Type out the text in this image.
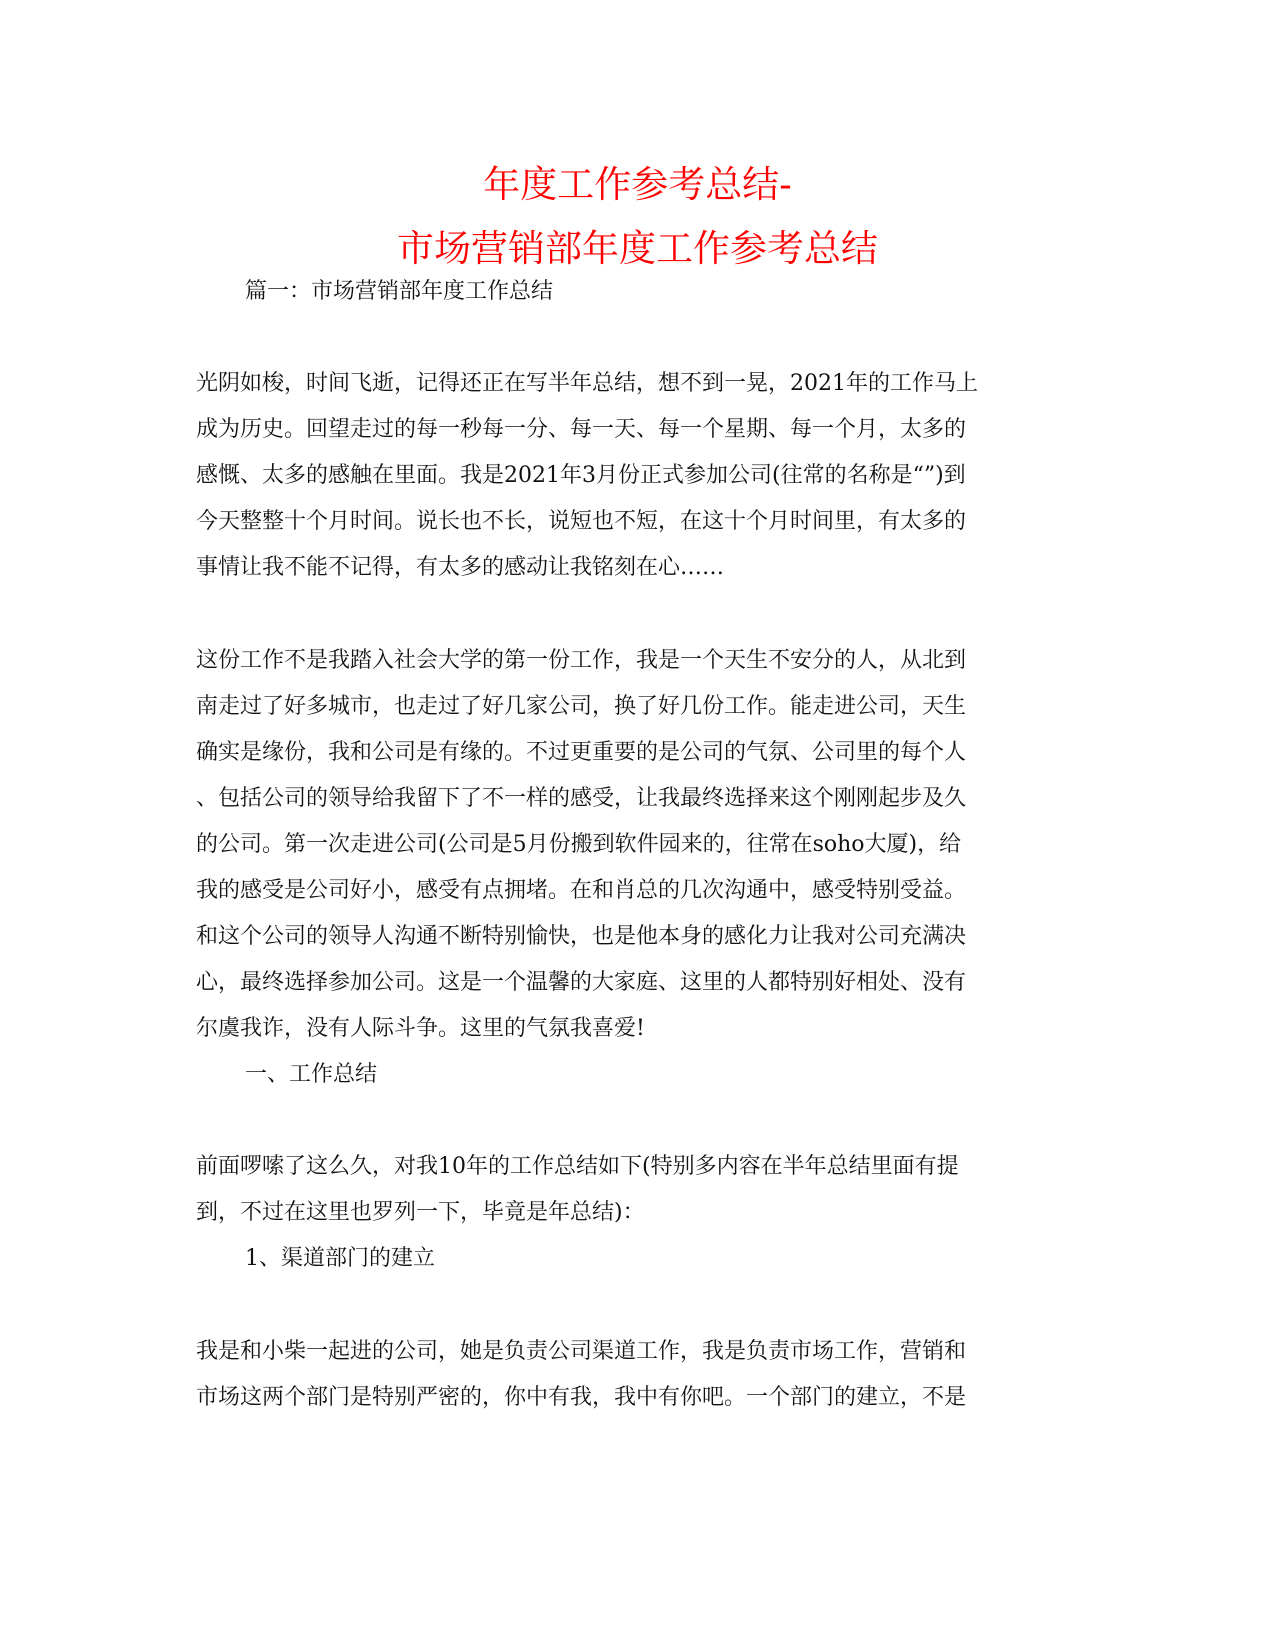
年度工作参考总结-
市场营销部年度工作参考总结

篇一：市场营销部年度工作总结

光阴如梭，时间飞逝，记得还正在写半年总结，想不到一晃，2021年的工作马上

成为历史。回望走过的每一秒每一分、每一天、每一个星期、每一个月，太多的

感慨、太多的感触在里面。我是2021年3月份正式参加公司(往常的名称是“”)到

今天整整十个月时间。说长也不长，说短也不短，在这十个月时间里，有太多的

事情让我不能不记得，有太多的感动让我铭刻在心……

这份工作不是我踏入社会大学的第一份工作，我是一个天生不安分的人，从北到

南走过了好多城市，也走过了好几家公司，换了好几份工作。能走进公司，天生

确实是缘份，我和公司是有缘的。不过更重要的是公司的气氛、公司里的每个人

、包括公司的领导给我留下了不一样的感受，让我最终选择来这个刚刚起步及久

的公司。第一次走进公司(公司是5月份搬到软件园来的，往常在soho大厦)，给

我的感受是公司好小，感受有点拥堵。在和肖总的几次沟通中，感受特别受益。

和这个公司的领导人沟通不断特别愉快，也是他本身的感化力让我对公司充满决

心，最终选择参加公司。这是一个温馨的大家庭、这里的人都特别好相处、没有

尔虞我诈，没有人际斗争。这里的气氛我喜爱!

一、工作总结

前面啰嗦了这么久，对我10年的工作总结如下(特别多内容在半年总结里面有提

到，不过在这里也罗列一下，毕竟是年总结)：

1、渠道部门的建立

我是和小柴一起进的公司，她是负责公司渠道工作，我是负责市场工作，营销和

市场这两个部门是特别严密的，你中有我，我中有你吧。一个部门的建立，不是
